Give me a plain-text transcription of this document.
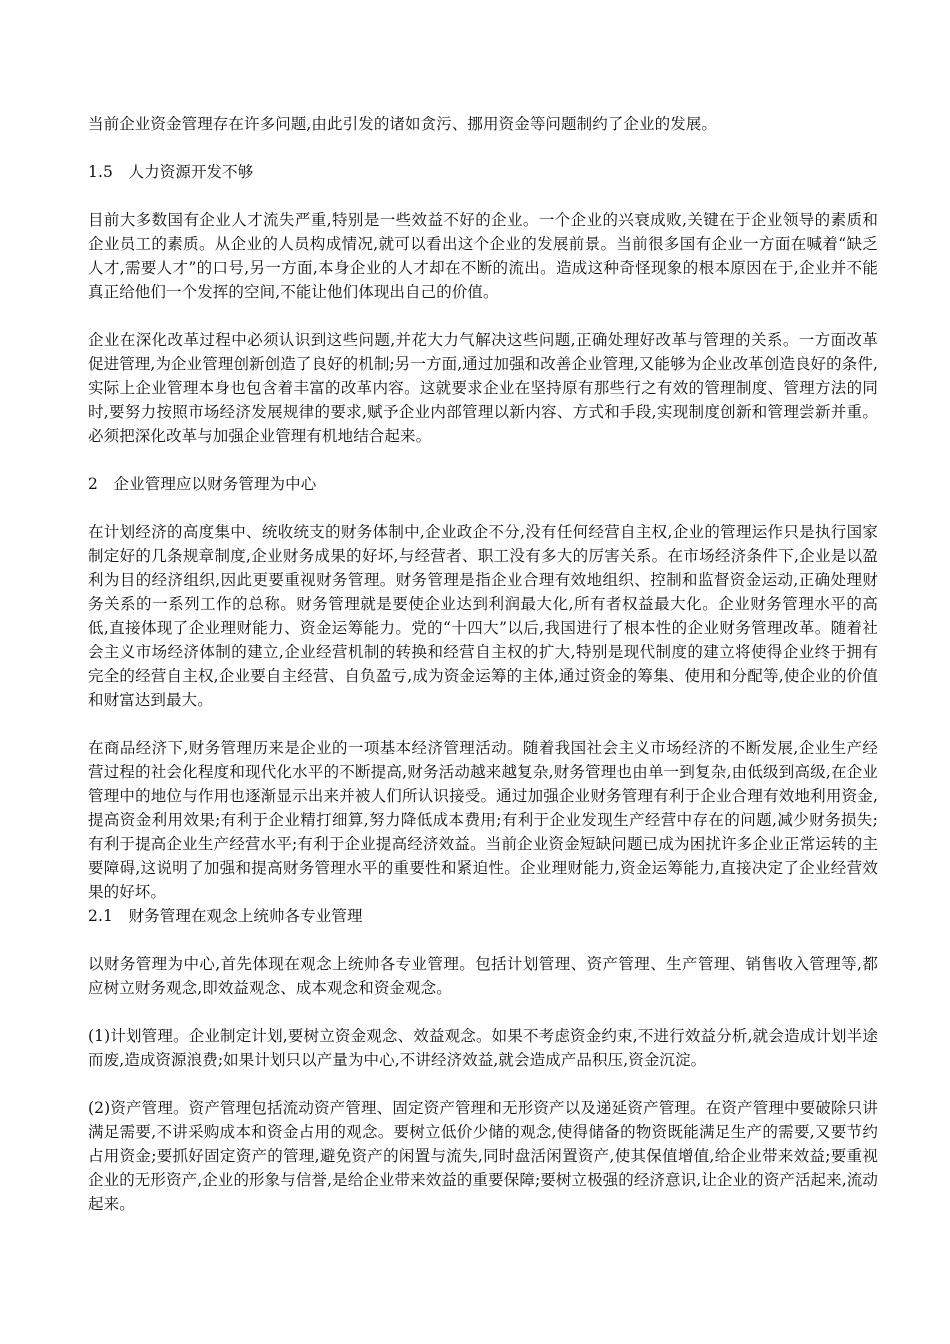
当前企业资金管理存在许多问题,由此引发的诸如贪污、挪用资金等问题制约了企业的发展。

1.5　人力资源开发不够

目前大多数国有企业人才流失严重,特别是一些效益不好的企业。一个企业的兴衰成败,关键在于企业领导的素质和企业员工的素质。从企业的人员构成情况,就可以看出这个企业的发展前景。当前很多国有企业一方面在喊着“缺乏人才,需要人才”的口号,另一方面,本身企业的人才却在不断的流出。造成这种奇怪现象的根本原因在于,企业并不能真正给他们一个发挥的空间,不能让他们体现出自己的价值。

企业在深化改革过程中必须认识到这些问题,并花大力气解决这些问题,正确处理好改革与管理的关系。一方面改革促进管理,为企业管理创新创造了良好的机制;另一方面,通过加强和改善企业管理,又能够为企业改革创造良好的条件,实际上企业管理本身也包含着丰富的改革内容。这就要求企业在坚持原有那些行之有效的管理制度、管理方法的同时,要努力按照市场经济发展规律的要求,赋予企业内部管理以新内容、方式和手段,实现制度创新和管理尝新并重。必须把深化改革与加强企业管理有机地结合起来。

2　企业管理应以财务管理为中心

在计划经济的高度集中、统收统支的财务体制中,企业政企不分,没有任何经营自主权,企业的管理运作只是执行国家制定好的几条规章制度,企业财务成果的好坏,与经营者、职工没有多大的厉害关系。在市场经济条件下,企业是以盈利为目的经济组织,因此更要重视财务管理。财务管理是指企业合理有效地组织、控制和监督资金运动,正确处理财务关系的一系列工作的总称。财务管理就是要使企业达到利润最大化,所有者权益最大化。企业财务管理水平的高低,直接体现了企业理财能力、资金运筹能力。党的“十四大”以后,我国进行了根本性的企业财务管理改革。随着社会主义市场经济体制的建立,企业经营机制的转换和经营自主权的扩大,特别是现代制度的建立将使得企业终于拥有完全的经营自主权,企业要自主经营、自负盈亏,成为资金运筹的主体,通过资金的筹集、使用和分配等,使企业的价值和财富达到最大。

在商品经济下,财务管理历来是企业的一项基本经济管理活动。随着我国社会主义市场经济的不断发展,企业生产经营过程的社会化程度和现代化水平的不断提高,财务活动越来越复杂,财务管理也由单一到复杂,由低级到高级,在企业管理中的地位与作用也逐渐显示出来并被人们所认识接受。通过加强企业财务管理有利于企业合理有效地利用资金,提高资金利用效果;有利于企业精打细算,努力降低成本费用;有利于企业发现生产经营中存在的问题,减少财务损失;有利于提高企业生产经营水平;有利于企业提高经济效益。当前企业资金短缺问题已成为困扰许多企业正常运转的主要障碍,这说明了加强和提高财务管理水平的重要性和紧迫性。企业理财能力,资金运筹能力,直接决定了企业经营效果的好坏。

2.1　财务管理在观念上统帅各专业管理

以财务管理为中心,首先体现在观念上统帅各专业管理。包括计划管理、资产管理、生产管理、销售收入管理等,都应树立财务观念,即效益观念、成本观念和资金观念。

(1)计划管理。企业制定计划,要树立资金观念、效益观念。如果不考虑资金约束,不进行效益分析,就会造成计划半途而废,造成资源浪费;如果计划只以产量为中心,不讲经济效益,就会造成产品积压,资金沉淀。

(2)资产管理。资产管理包括流动资产管理、固定资产管理和无形资产以及递延资产管理。在资产管理中要破除只讲满足需要,不讲采购成本和资金占用的观念。要树立低价少储的观念,使得储备的物资既能满足生产的需要,又要节约占用资金;要抓好固定资产的管理,避免资产的闲置与流失,同时盘活闲置资产,使其保值增值,给企业带来效益;要重视企业的无形资产,企业的形象与信誉,是给企业带来效益的重要保障;要树立极强的经济意识,让企业的资产活起来,流动起来。
